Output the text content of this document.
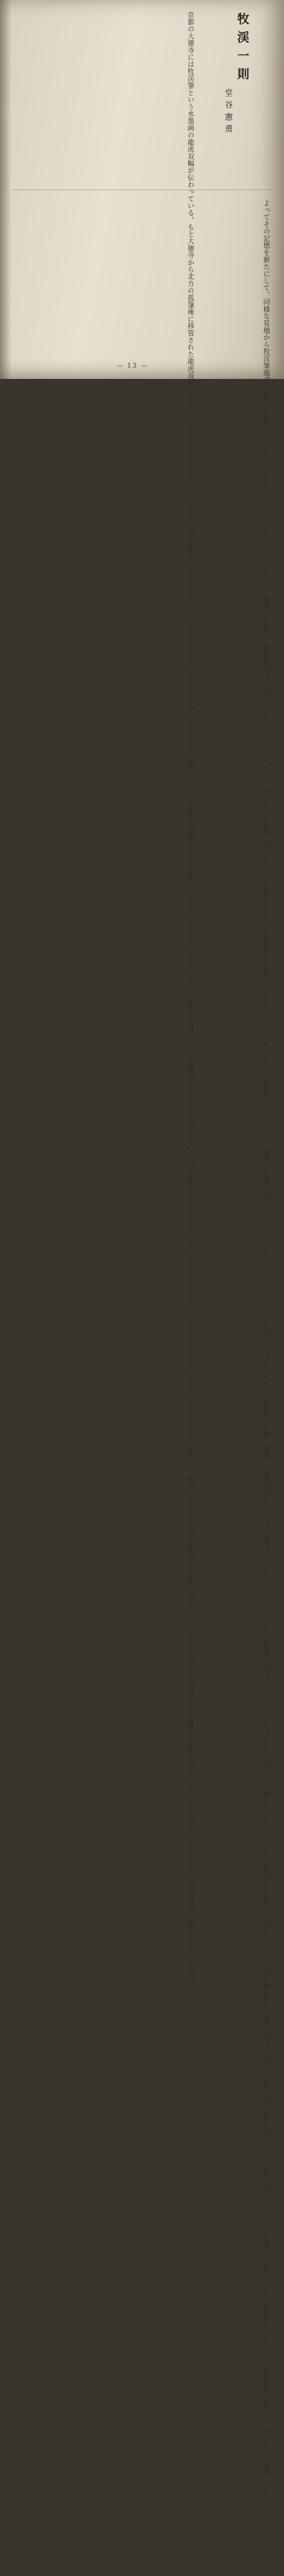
牧渓一則
堂谷憲勇
京都の大徳寺には牧渓筆という水墨画の龍虎双幅が伝わっている。もと大徳寺から北方の孤篷庵に移管された龍虎双幅と共に同じく牧渓の作と伝えられているが、両者を比較して見ると、これらの作品がすべて牧渓の真筆であるとは断じ難い。しかし龍虎の主題は宋元の画院において好んで描かれたものであり、牧渓の時代にもこの種の作品が盛んに製作されていた事実を考えるならば、これらの作品を牧渓の伝統に連なるものと見ることは許されるであろう。龍図に見る雲の表現と虎図に見る竹の描写とは、いずれも禅余の墨戯として独特の気韻を示しており、その筆意の中には牧渓の観音猿鶴図に通ずるものがある。	よってその記憶を新たにして、同様な見地から牧渓筆龍虎の画意が如何なる点にあるかを改めて見たいと思う。中国において龍虎の思想は、源易経の文に出ずることはいうまでもない。易にはまた乾坤二卦の象として龍が説かれ、雲は龍に従い風は虎に従うという。聖人作って万物睹るとあるのは、龍虎の相感を天地の気の交わりに比したものである。乾の卦の六爻にはそれぞれ潜龍、見龍、飛龍、亢龍の名が見え、或は躍って淵に在りともいう。牧渓の龍図に見るごとく、雲中に身を隠して首のみを露わす龍は、まさに天地の気を象徴するものであり、一方竹林に坐して風を呼ぶ虎の姿は、地の気の凝集を示すものと解される。このように龍虎の双幅は、単なる動物画ではなく、天地陰陽の相対を一対の画面に表現したものと見るべきであろう。
— 13 —
